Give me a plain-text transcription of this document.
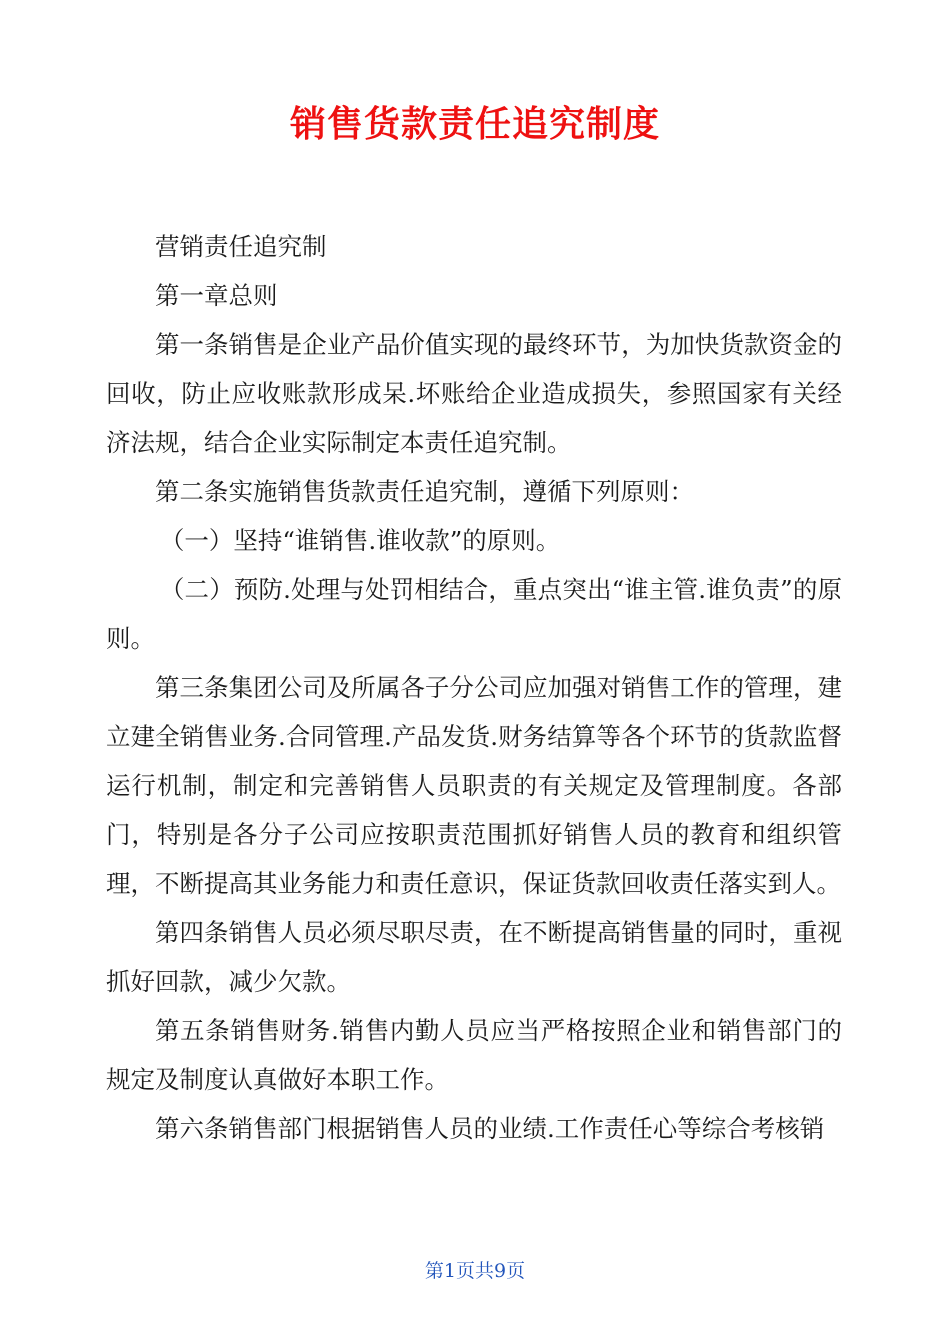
销售货款责任追究制度

营销责任追究制

第一章总则

第一条销售是企业产品价值实现的最终环节，为加快货款资金的回收，防止应收账款形成呆.坏账给企业造成损失，参照国家有关经济法规，结合企业实际制定本责任追究制。

第二条实施销售货款责任追究制，遵循下列原则：

（一）坚持“谁销售.谁收款”的原则。

（二）预防.处理与处罚相结合，重点突出“谁主管.谁负责”的原则。

第三条集团公司及所属各子分公司应加强对销售工作的管理，建立建全销售业务.合同管理.产品发货.财务结算等各个环节的货款监督运行机制，制定和完善销售人员职责的有关规定及管理制度。各部门，特别是各分子公司应按职责范围抓好销售人员的教育和组织管理，不断提高其业务能力和责任意识，保证货款回收责任落实到人。

第四条销售人员必须尽职尽责，在不断提高销售量的同时，重视抓好回款，减少欠款。

第五条销售财务.销售内勤人员应当严格按照企业和销售部门的规定及制度认真做好本职工作。

第六条销售部门根据销售人员的业绩.工作责任心等综合考核销

第1页共9页
